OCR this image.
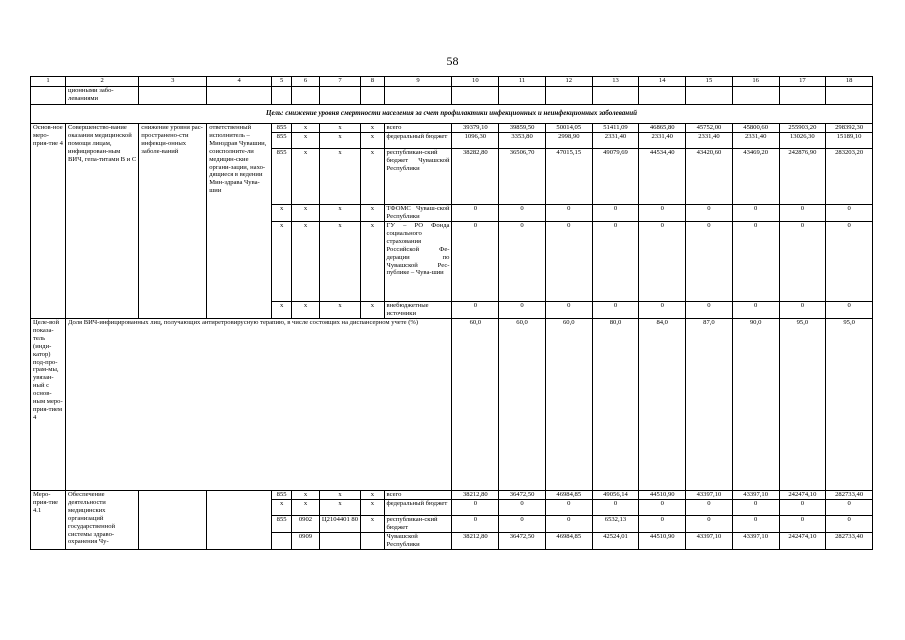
58
1	2	3	4	5	6	7	8	9	10	11	12	13	14	15	16	17	18
	ционными забо-левaниями																
Цель: снижение уровня смертности населения за счет профилактики инфекционных и неинфекционных заболеваний																	
Основ-ное меро-прия-тие 4	Совершенство-вание оказания медицинской помощи лицам, инфицирован-ным ВИЧ, гепа-титами B и C	снижение уровня рас-пространено-сти инфекци-онных заболе-ваний	ответственный исполнитель – Минздрав Чувашии, соисполните-ли медицин-ские органи-зации, нахо-дящиеся в ведении Мин-здрава Чува-шии	855	x	x	x	всего	39379,10	39859,50	50014,05	51411,09	46865,80	45752,00	45800,60	255903,20	298392,30
				855	x	x	x	федеральный бюджет	1096,30	3353,80	2998,90	2331,40	2331,40	2331,40	2331,40	13026,30	15189,10
				855	x	x	x	республикан-ский бюджет Чувашской Республики	38282,80	36506,70	47015,15	49079,69	44534,40	43420,60	43469,20	242876,90	283203,20
				x	x	x	x	ТФОМС Чуваш-ской Республики	0	0	0	0	0	0	0	0	0
				x	x	x	x	ГУ – РО Фонда социального страхования Российской Фе-дерации по Чувашской Рес-публике – Чува-шии	0	0	0	0	0	0	0	0	0
				x	x	x	x	внебюджетные источники	0	0	0	0	0	0	0	0	0
Целе-вой показа-тель (инди-катор) под-про-грам-мы, увязан-ный с основ-ным меро-прия-тием 4	Доля ВИЧ-инфицированных лиц, получающих антиретровирусную терапию, в числе состоящих на диспансерном учете (%)								60,0	60,0	60,0	80,0	84,0	87,0	90,0	95,0	95,0
Меро-прия-тие 4.1	Обеспечение деятельности медицинских организаций государственной системы здраво-охранения Чу-			855	x	x	x	всего	38212,80	36472,50	46984,85	49056,14	44510,90	43397,10	43397,10	242474,10	282733,40
				x	x	x	x	федеральный бюджет	0	0	0	0	0	0	0	0	0
				855	0902	Ц2104401 80	x	республикан-ский бюджет	0	0	0	6532,13	0	0	0	0	0
					0909			Чувашской Республики	38212,80	36472,50	46984,85	42524,01	44510,90	43397,10	43397,10	242474,10	282733,40
